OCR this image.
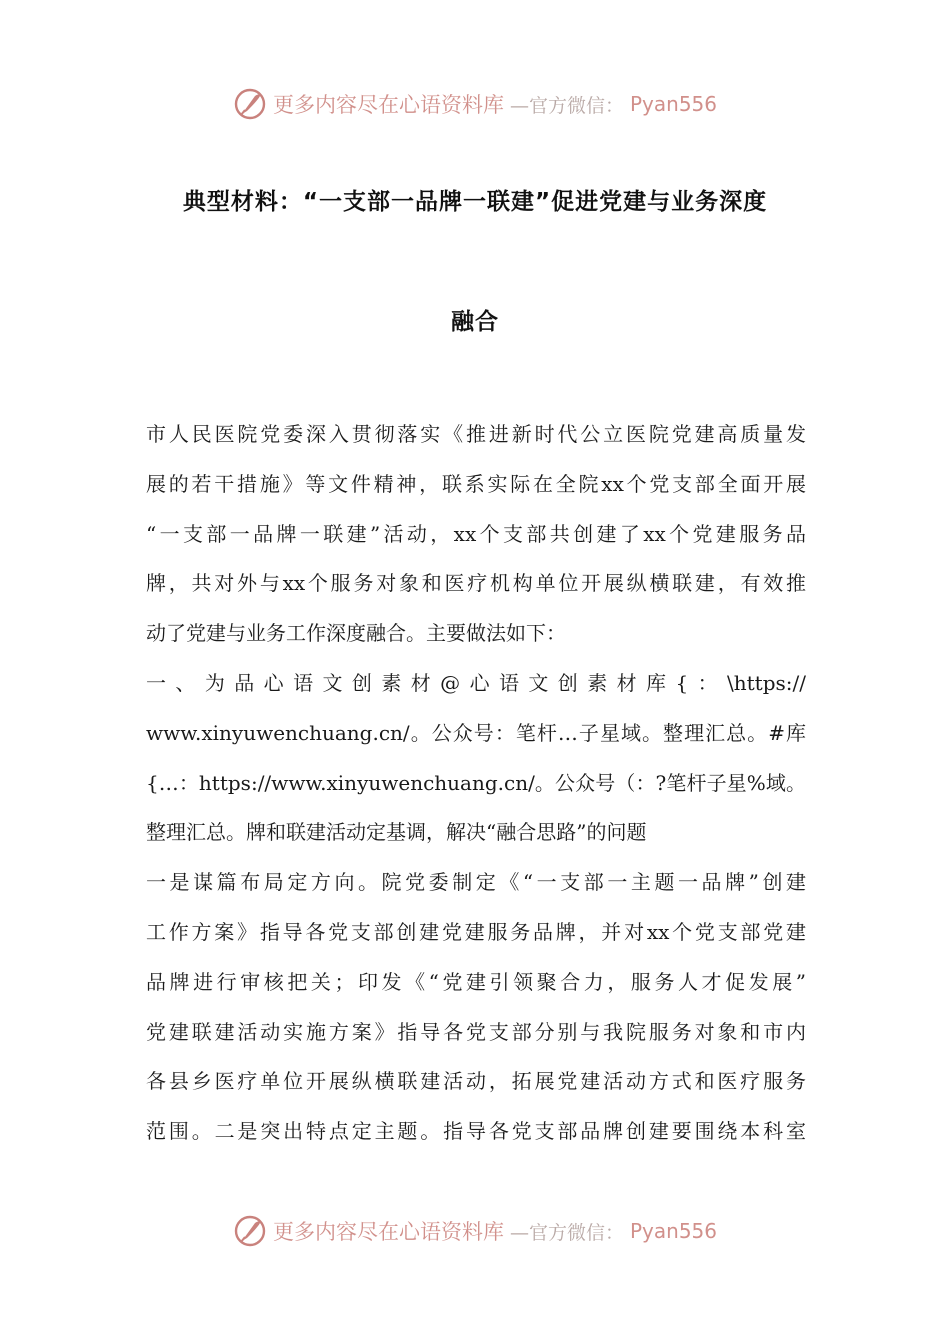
更多内容尽在心语资料库 —官方微信： Pyan556
典型材料：“一支部一品牌一联建”促进党建与业务深度
融合
市人民医院党委深入贯彻落实《推进新时代公立医院党建高质量发
展的若干措施》等文件精神，联系实际在全院xx个党支部全面开展
“一支部一品牌一联建”活动，xx个支部共创建了xx个党建服务品
牌，共对外与xx个服务对象和医疗机构单位开展纵横联建，有效推
动了党建与业务工作深度融合。主要做法如下：
一、为品心语文创素材@心语文创素材库{：\https://
www.xinyuwenchuang.cn/。公众号：笔杆…子星域。整理汇总。#库
{…：https://www.xinyuwenchuang.cn/。公众号（：?笔杆子星%域。
整理汇总。牌和联建活动定基调，解决“融合思路”的问题
一是谋篇布局定方向。院党委制定《“一支部一主题一品牌”创建
工作方案》指导各党支部创建党建服务品牌，并对xx个党支部党建
品牌进行审核把关；印发《“党建引领聚合力，服务人才促发展”
党建联建活动实施方案》指导各党支部分别与我院服务对象和市内
各县乡医疗单位开展纵横联建活动，拓展党建活动方式和医疗服务
范围。二是突出特点定主题。指导各党支部品牌创建要围绕本科室
更多内容尽在心语资料库 —官方微信： Pyan556
